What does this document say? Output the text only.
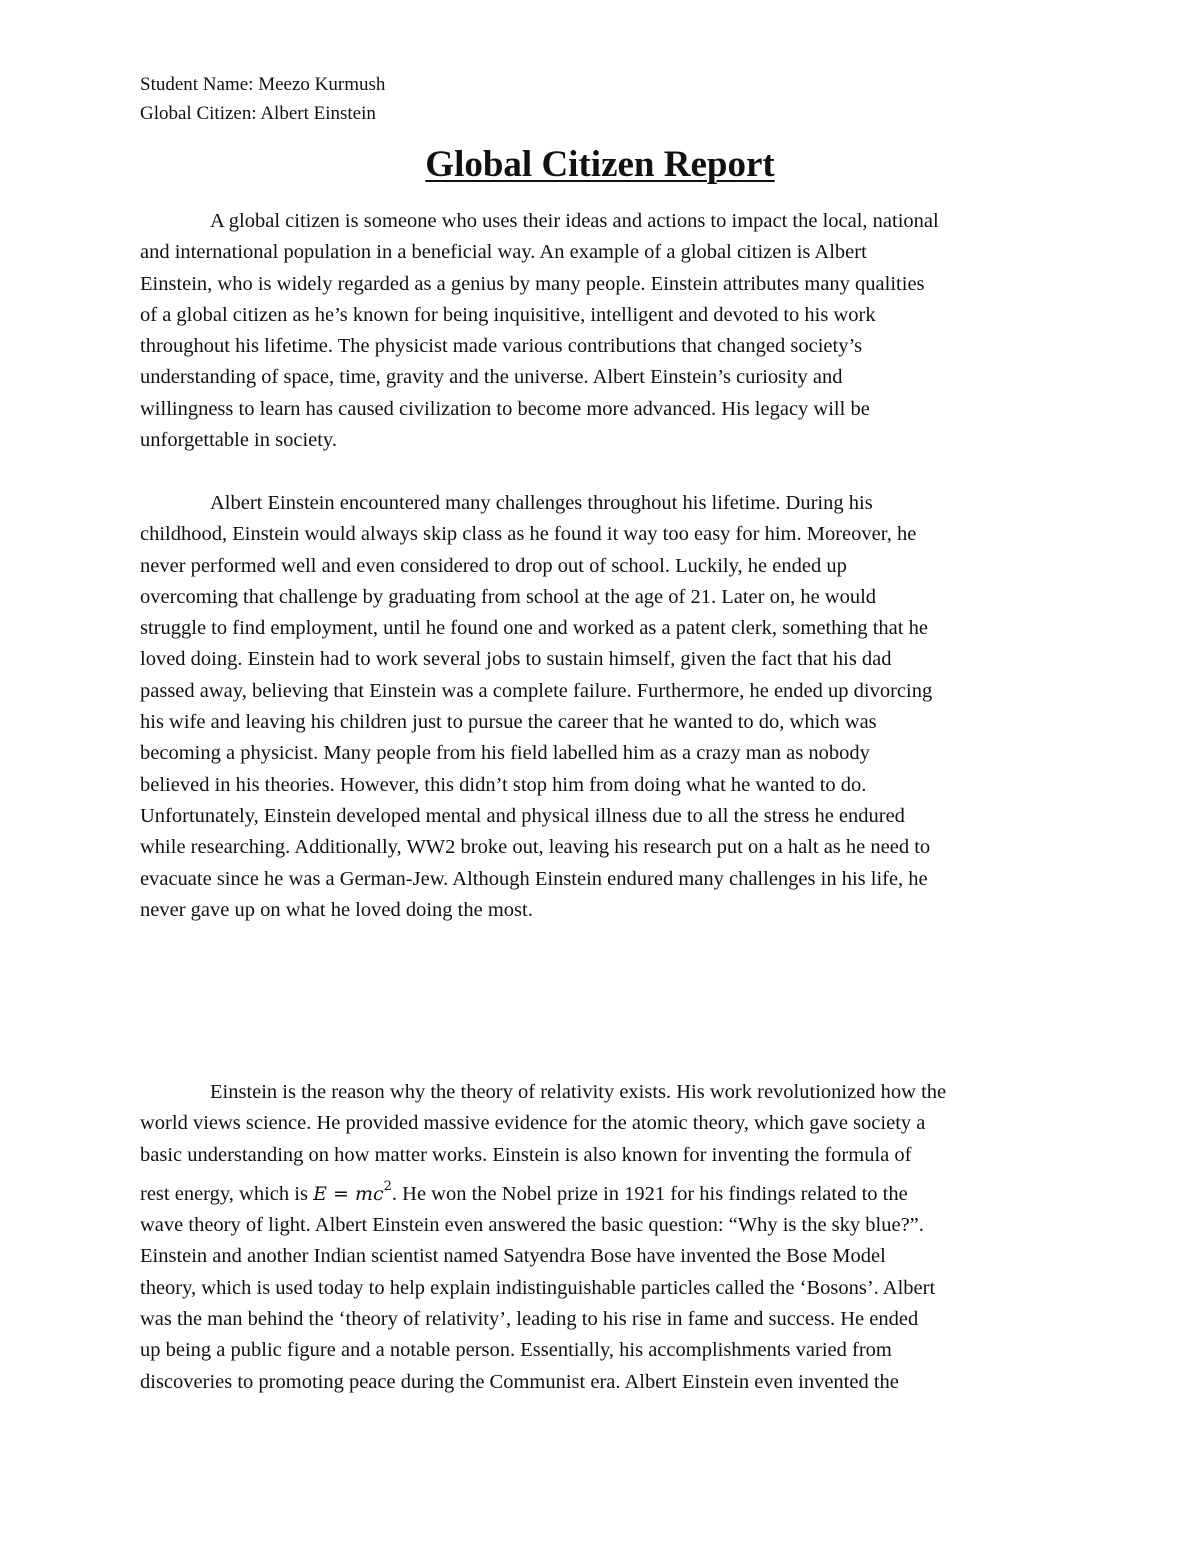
Student Name: Meezo Kurmush
Global Citizen: Albert Einstein
Global Citizen Report

A global citizen is someone who uses their ideas and actions to impact the local, national
and international population in a beneficial way. An example of a global citizen is Albert
Einstein, who is widely regarded as a genius by many people. Einstein attributes many qualities
of a global citizen as he’s known for being inquisitive, intelligent and devoted to his work
throughout his lifetime. The physicist made various contributions that changed society’s
understanding of space, time, gravity and the universe. Albert Einstein’s curiosity and
willingness to learn has caused civilization to become more advanced. His legacy will be
unforgettable in society.

Albert Einstein encountered many challenges throughout his lifetime. During his
childhood, Einstein would always skip class as he found it way too easy for him. Moreover, he
never performed well and even considered to drop out of school. Luckily, he ended up
overcoming that challenge by graduating from school at the age of 21. Later on, he would
struggle to find employment, until he found one and worked as a patent clerk, something that he
loved doing. Einstein had to work several jobs to sustain himself, given the fact that his dad
passed away, believing that Einstein was a complete failure. Furthermore, he ended up divorcing
his wife and leaving his children just to pursue the career that he wanted to do, which was
becoming a physicist. Many people from his field labelled him as a crazy man as nobody
believed in his theories. However, this didn’t stop him from doing what he wanted to do.
Unfortunately, Einstein developed mental and physical illness due to all the stress he endured
while researching. Additionally, WW2 broke out, leaving his research put on a halt as he need to
evacuate since he was a German-Jew. Although Einstein endured many challenges in his life, he
never gave up on what he loved doing the most.

Einstein is the reason why the theory of relativity exists. His work revolutionized how the
world views science. He provided massive evidence for the atomic theory, which gave society a
basic understanding on how matter works. Einstein is also known for inventing the formula of
rest energy, which is $E = mc^2$. He won the Nobel prize in 1921 for his findings related to the
wave theory of light. Albert Einstein even answered the basic question: “Why is the sky blue?”.
Einstein and another Indian scientist named Satyendra Bose have invented the Bose Model
theory, which is used today to help explain indistinguishable particles called the ‘Bosons’. Albert
was the man behind the ‘theory of relativity’, leading to his rise in fame and success. He ended
up being a public figure and a notable person. Essentially, his accomplishments varied from
discoveries to promoting peace during the Communist era. Albert Einstein even invented the
